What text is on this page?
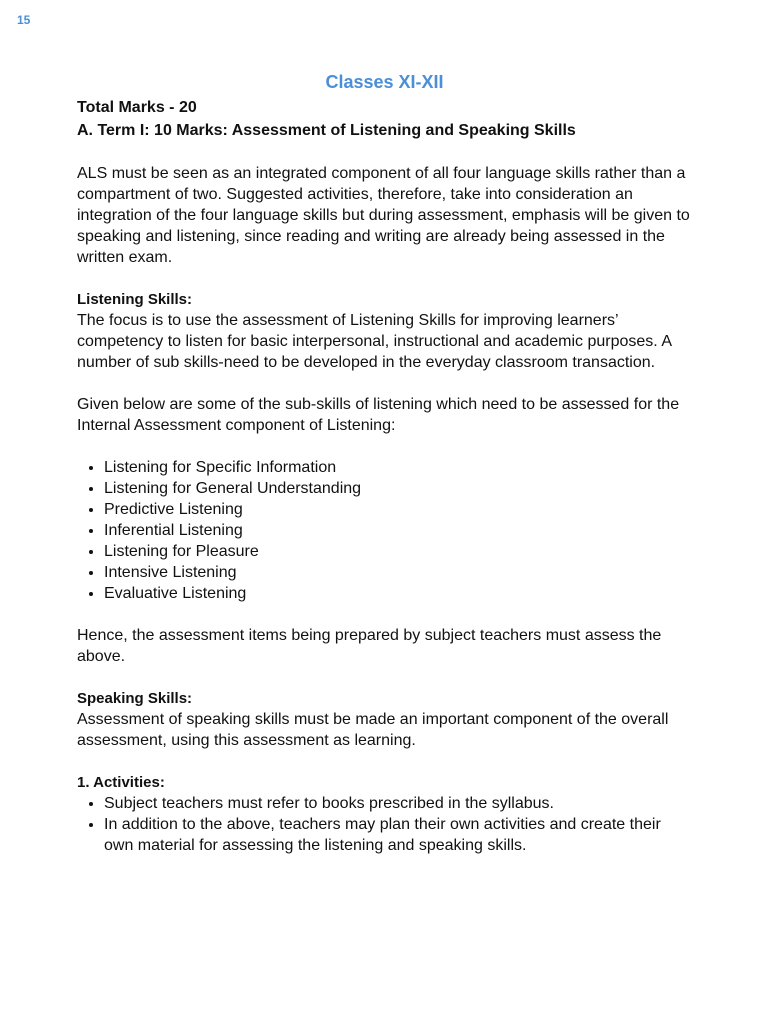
15
Classes XI-XII
Total Marks - 20
A. Term I: 10 Marks: Assessment of Listening and Speaking Skills

ALS must be seen as an integrated component of all four language skills rather than a compartment of two. Suggested activities, therefore, take into consideration an integration of the four language skills but during assessment, emphasis will be given to speaking and listening, since reading and writing are already being assessed in the written exam.

Listening Skills:

The focus is to use the assessment of Listening Skills for improving learners’ competency to listen for basic interpersonal, instructional and academic purposes. A number of sub skills-need to be developed in the everyday classroom transaction.

Given below are some of the sub-skills of listening which need to be assessed for the Internal Assessment component of Listening:

• Listening for Specific Information
• Listening for General Understanding
• Predictive Listening
• Inferential Listening
• Listening for Pleasure
• Intensive Listening
• Evaluative Listening

Hence, the assessment items being prepared by subject teachers must assess the above.

Speaking Skills:

Assessment of speaking skills must be made an important component of the overall assessment, using this assessment as learning.

1. Activities:
• Subject teachers must refer to books prescribed in the syllabus.
• In addition to the above, teachers may plan their own activities and create their own material for assessing the listening and speaking skills.
